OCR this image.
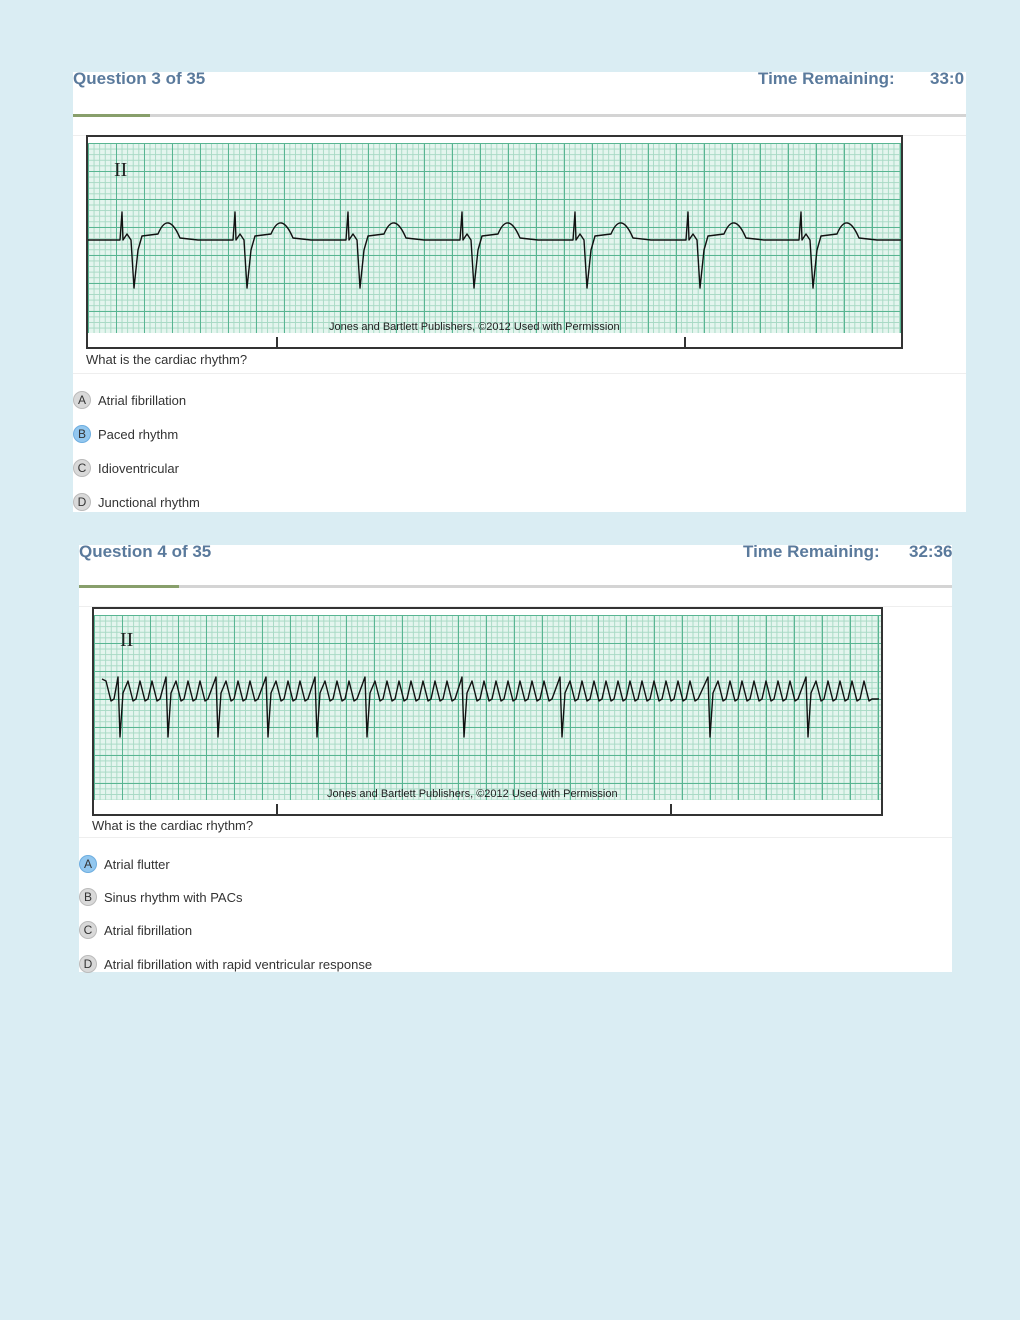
Question 3 of 35	Time Remaining: 33:0
II
Jones and Bartlett Publishers, ©2012 Used with Permission
What is the cardiac rhythm?
A Atrial fibrillation
B Paced rhythm
C Idioventricular
D Junctional rhythm
Question 4 of 35	Time Remaining: 32:36
II
Jones and Bartlett Publishers, ©2012 Used with Permission
What is the cardiac rhythm?
A Atrial flutter
B Sinus rhythm with PACs
C Atrial fibrillation
D Atrial fibrillation with rapid ventricular response
